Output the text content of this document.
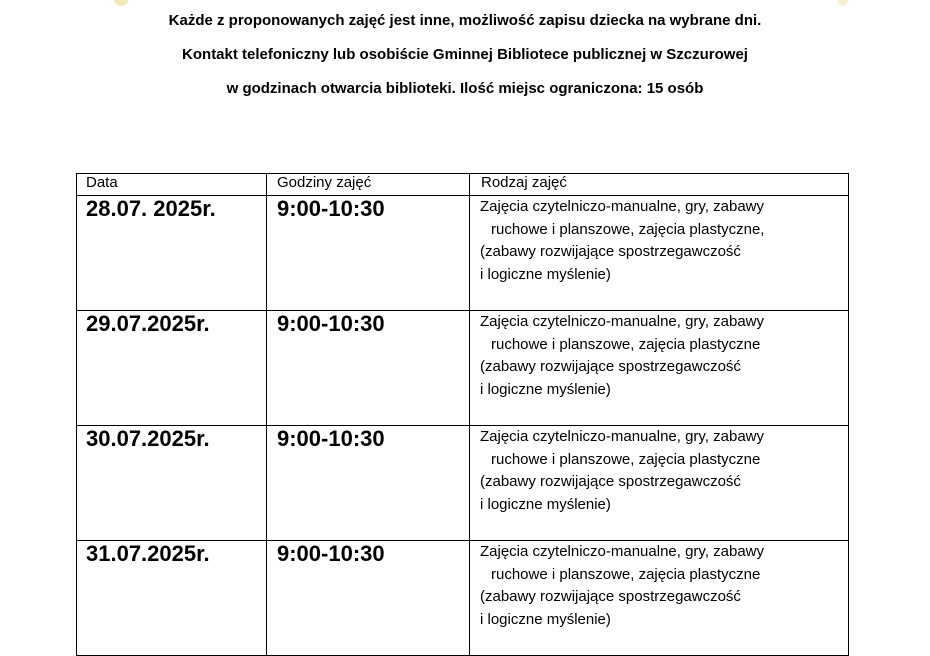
Każde z proponowanych zajęć jest inne, możliwość zapisu dziecka na wybrane dni.
Kontakt telefoniczny lub osobiście Gminnej Bibliotece publicznej w Szczurowej
w godzinach otwarcia biblioteki. Ilość miejsc ograniczona: 15 osób
Data	Godziny zajęć	Rodzaj zajęć
28.07. 2025r.	9:00-10:30	Zajęcia czytelniczo-manualne, gry, zabawy
ruchowe i planszowe, zajęcia plastyczne,
(zabawy rozwijające spostrzegawczość
i logiczne myślenie)

29.07.2025r.	9:00-10:30	Zajęcia czytelniczo-manualne, gry, zabawy
ruchowe i planszowe, zajęcia plastyczne
(zabawy rozwijające spostrzegawczość
i logiczne myślenie)

30.07.2025r.	9:00-10:30	Zajęcia czytelniczo-manualne, gry, zabawy
ruchowe i planszowe, zajęcia plastyczne
(zabawy rozwijające spostrzegawczość
i logiczne myślenie)

31.07.2025r.	9:00-10:30	Zajęcia czytelniczo-manualne, gry, zabawy
ruchowe i planszowe, zajęcia plastyczne
(zabawy rozwijające spostrzegawczość
i logiczne myślenie)
